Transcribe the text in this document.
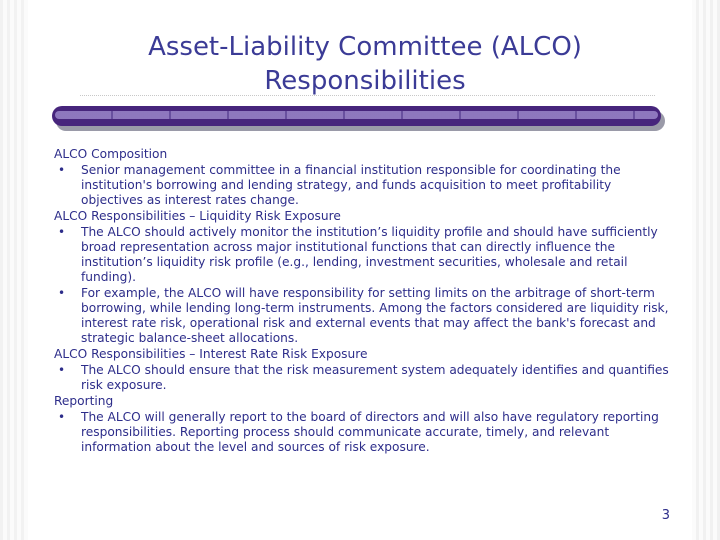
Asset-Liability Committee (ALCO)
Responsibilities
ALCO Composition
• Senior management committee in a financial institution responsible for coordinating the institution's borrowing and lending strategy, and funds acquisition to meet profitability objectives as interest rates change.
ALCO Responsibilities – Liquidity Risk Exposure
• The ALCO should actively monitor the institution’s liquidity profile and should have sufficiently broad representation across major institutional functions that can directly influence the institution’s liquidity risk profile (e.g., lending, investment securities, wholesale and retail funding).
• For example, the ALCO will have responsibility for setting limits on the arbitrage of short-term borrowing, while lending long-term instruments. Among the factors considered are liquidity risk, interest rate risk, operational risk and external events that may affect the bank's forecast and strategic balance-sheet allocations.
ALCO Responsibilities – Interest Rate Risk Exposure
• The ALCO should ensure that the risk measurement system adequately identifies and quantifies risk exposure.
Reporting
• The ALCO will generally report to the board of directors and will also have regulatory reporting responsibilities. Reporting process should communicate accurate, timely, and relevant information about the level and sources of risk exposure.
3
